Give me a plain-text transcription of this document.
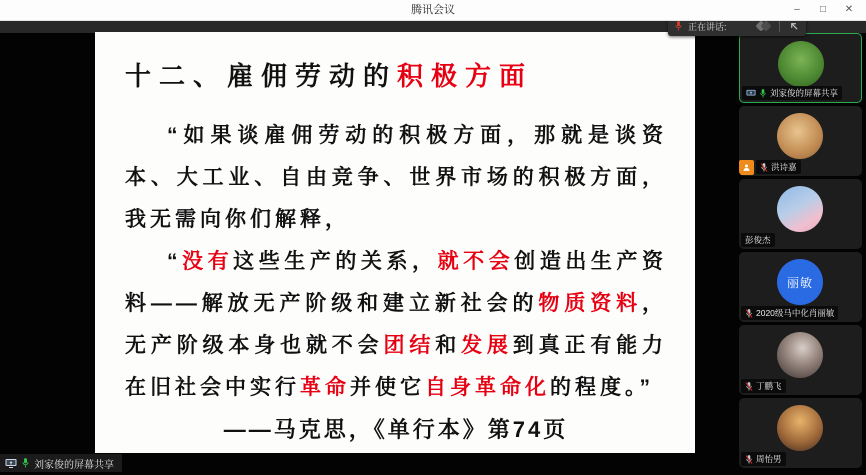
腾讯会议	–	□	✕
十二、雇佣劳动的积极方面

“如果谈雇佣劳动的积极方面，那就是谈资本、大工业、自由竞争、世界市场的积极方面，我无需向你们解释，

“没有这些生产的关系，就不会创造出生产资料——解放无产阶级和建立新社会的物质资料，无产阶级本身也就不会团结和发展到真正有能力在旧社会中实行革命并使它自身革命化的程度。”

——马克思，《单行本》第74页

正在讲话:
刘家俊的屏幕共享
刘家俊的屏幕共享
洪诗嘉
彭俊杰
丽敏
2020级马中化肖丽敏
丁鹏飞
周怡男
